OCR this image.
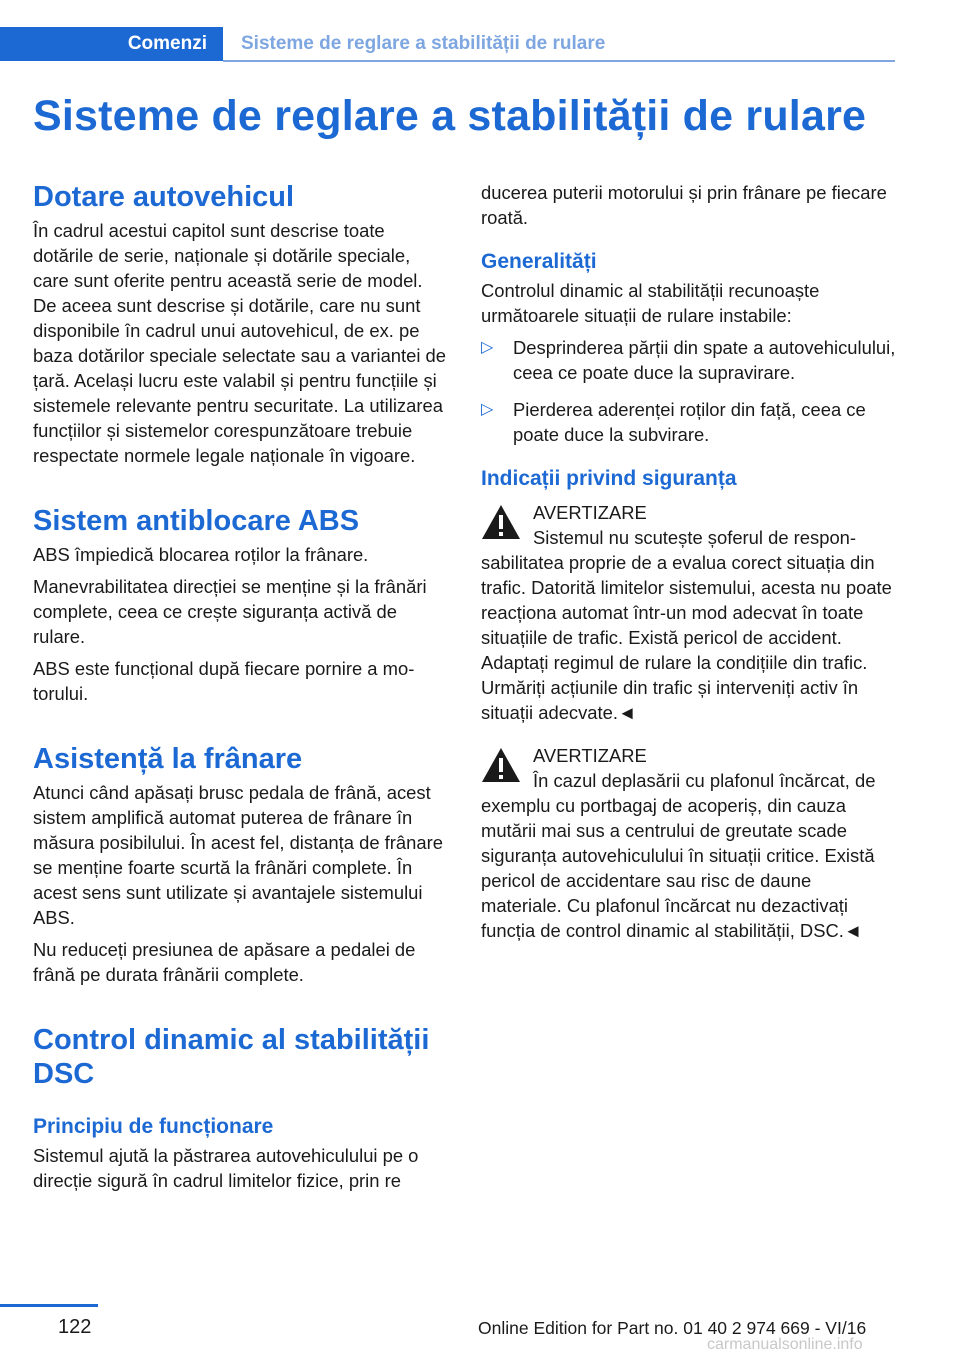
Comenzi Sisteme de reglare a stabilității de rulare
Sisteme de reglare a stabilității de rulare
Dotare autovehicul

În cadrul acestui capitol sunt descrise toate dotările de serie, naționale și dotările speciale, care sunt oferite pentru această serie de model. De aceea sunt descrise și dotările, care nu sunt disponibile în cadrul unui autovehicul, de ex. pe baza dotărilor speciale selectate sau a variantei de țară. Același lucru este valabil și pentru funcțiile și sistemele relevante pentru securitate. La utilizarea funcțiilor și sistemelor corespunzătoare trebuie respectate normele legale naționale în vigoare.

Sistem antiblocare ABS

ABS împiedică blocarea roților la frânare.

Manevrabilitatea direcției se menține și la frânări complete, ceea ce crește siguranța activă de rulare.

ABS este funcțional după fiecare pornire a motorului.

Asistență la frânare

Atunci când apăsați brusc pedala de frână, acest sistem amplifică automat puterea de frânare în măsura posibilului. În acest fel, distanța de frânare se menține foarte scurtă la frânări complete. În acest sens sunt utilizate și avantajele sistemului ABS.

Nu reduceți presiunea de apăsare a pedalei de frână pe durata frânării complete.

Control dinamic al stabilității DSC
Principiu de funcționare

Sistemul ajută la păstrarea autovehiculului pe o direcție sigură în cadrul limitelor fizice, prin re

ducerea puterii motorului și prin frânare pe fiecare roată.

Generalități

Controlul dinamic al stabilității recunoaște următoarele situații de rulare instabile:

▷ Desprinderea părții din spate a autovehiculului, ceea ce poate duce la supravirare.
▷ Pierderea aderenței roților din față, ceea ce poate duce la subvirare.
Indicații privind siguranța
AVERTIZARE
Sistemul nu scutește șoferul de responsabilitatea proprie de a evalua corect situația din trafic. Datorită limitelor sistemului, acesta nu poate reacționa automat într-un mod adecvat în toate situațiile de trafic. Există pericol de accident. Adaptați regimul de rulare la condițiile din trafic. Urmăriți acțiunile din trafic și interveniți activ în situații adecvate.◄
AVERTIZARE
În cazul deplasării cu plafonul încărcat, de exemplu cu portbagaj de acoperiș, din cauza mutării mai sus a centrului de greutate scade siguranța autovehiculului în situații critice. Există pericol de accidentare sau risc de daune materiale. Cu plafonul încărcat nu dezactivați funcția de control dinamic al stabilității, DSC.◄
122	Online Edition for Part no. 01 40 2 974 669 - VI/16
carmanualsonline.info
